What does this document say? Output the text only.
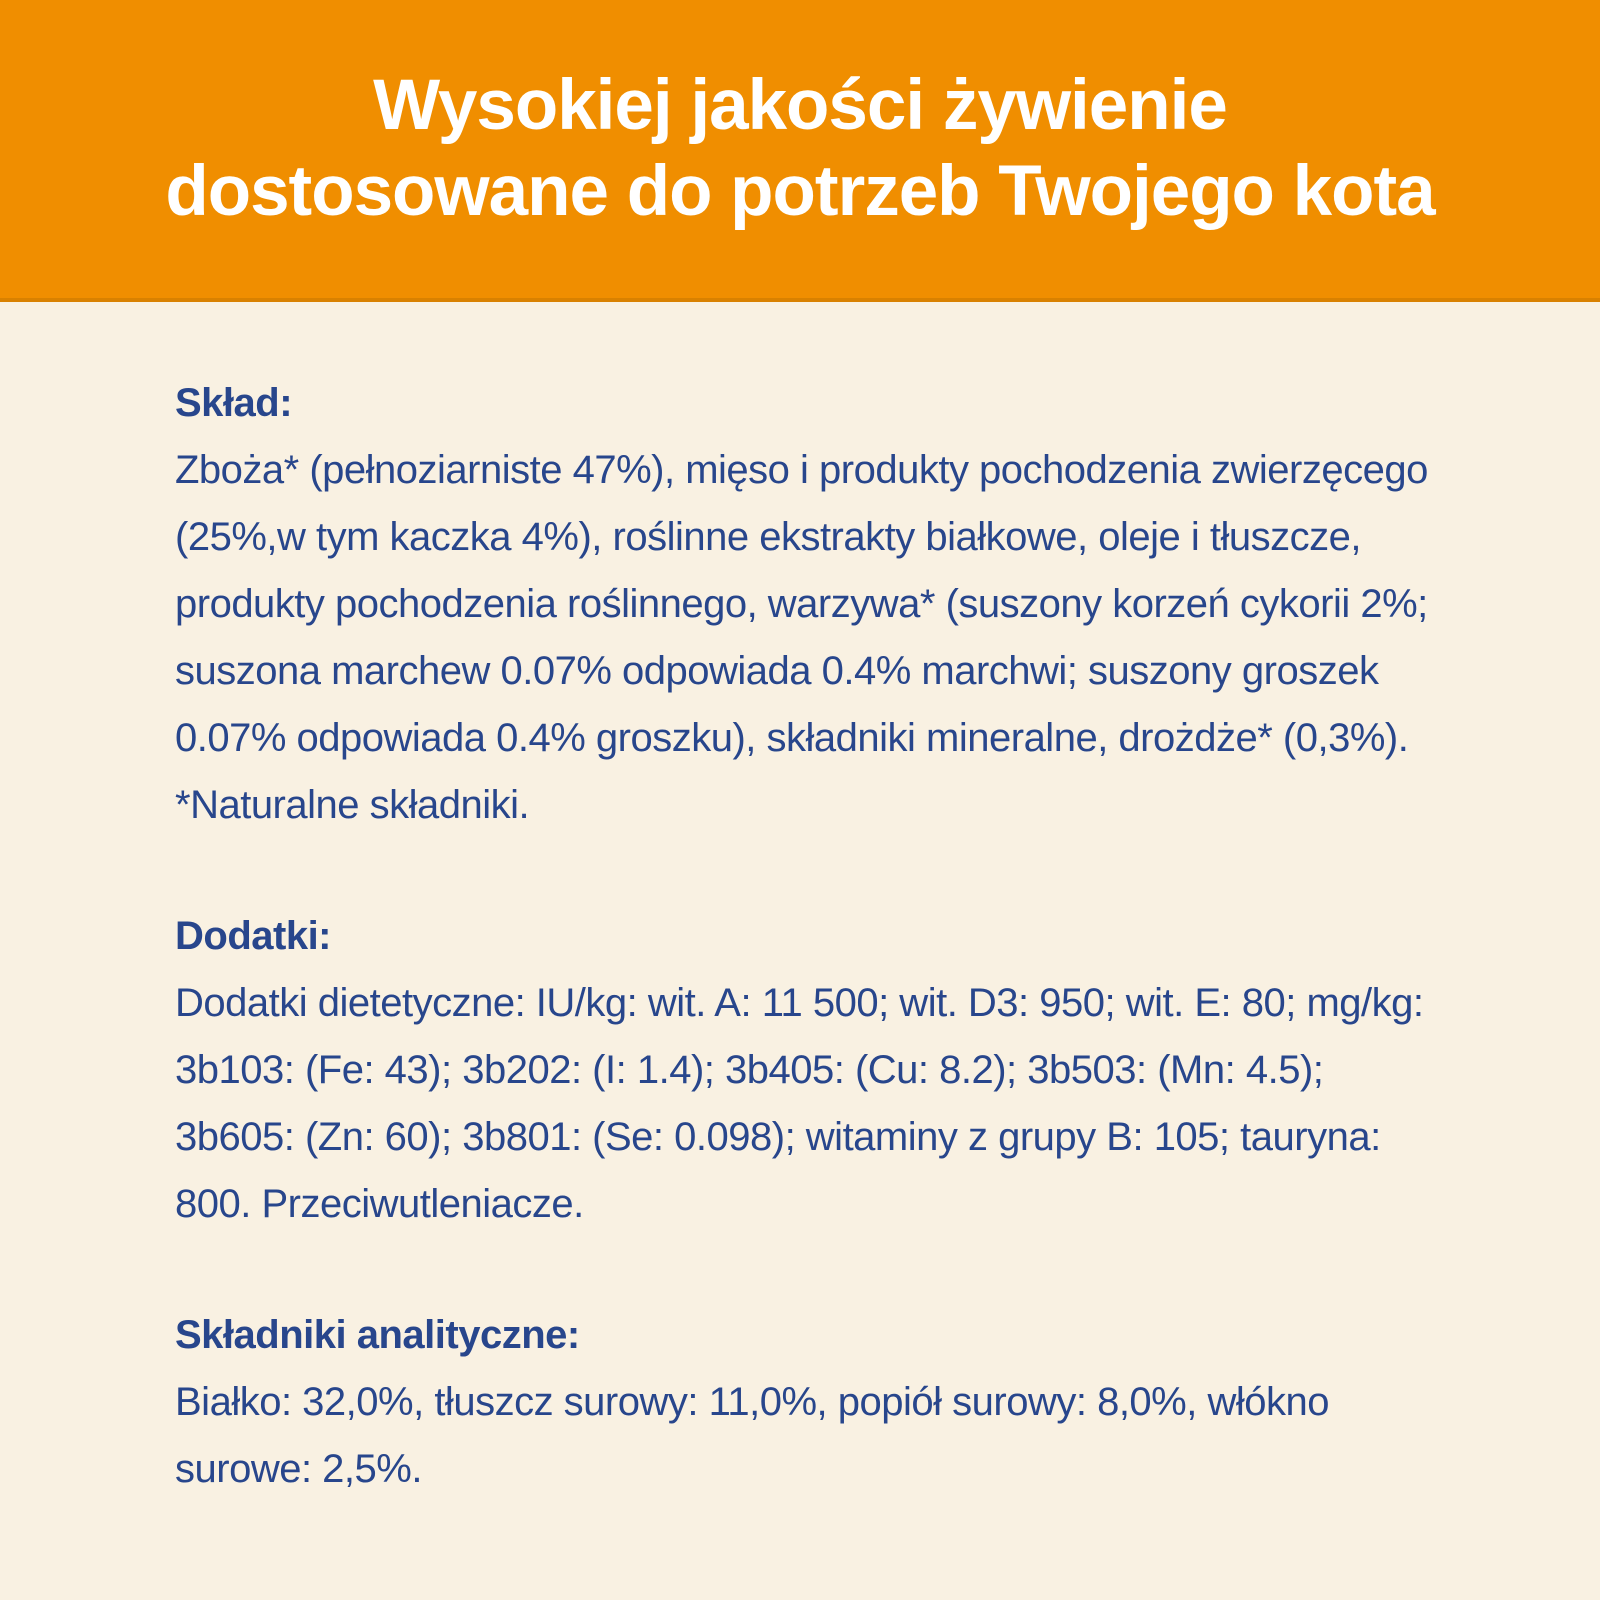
Wysokiej jakości żywienie
dostosowane do potrzeb Twojego kota
Skład:

Zboża* (pełnoziarniste 47%), mięso i produkty pochodzenia zwierzęcego (25%,w tym kaczka 4%), roślinne ekstrakty białkowe, oleje i tłuszcze, produkty pochodzenia roślinnego, warzywa* (suszony korzeń cykorii 2%; suszona marchew 0.07% odpowiada 0.4% marchwi; suszony groszek 0.07% odpowiada 0.4% groszku), składniki mineralne, drożdże* (0,3%). *Naturalne składniki.

Dodatki:

Dodatki dietetyczne: IU/kg: wit. A: 11 500; wit. D3: 950; wit. E: 80; mg/kg: 3b103: (Fe: 43); 3b202: (I: 1.4); 3b405: (Cu: 8.2); 3b503: (Mn: 4.5); 3b605: (Zn: 60); 3b801: (Se: 0.098); witaminy z grupy B: 105; tauryna: 800. Przeciwutleniacze.

Składniki analityczne:

Białko: 32,0%, tłuszcz surowy: 11,0%, popiół surowy: 8,0%, włókno surowe: 2,5%.
